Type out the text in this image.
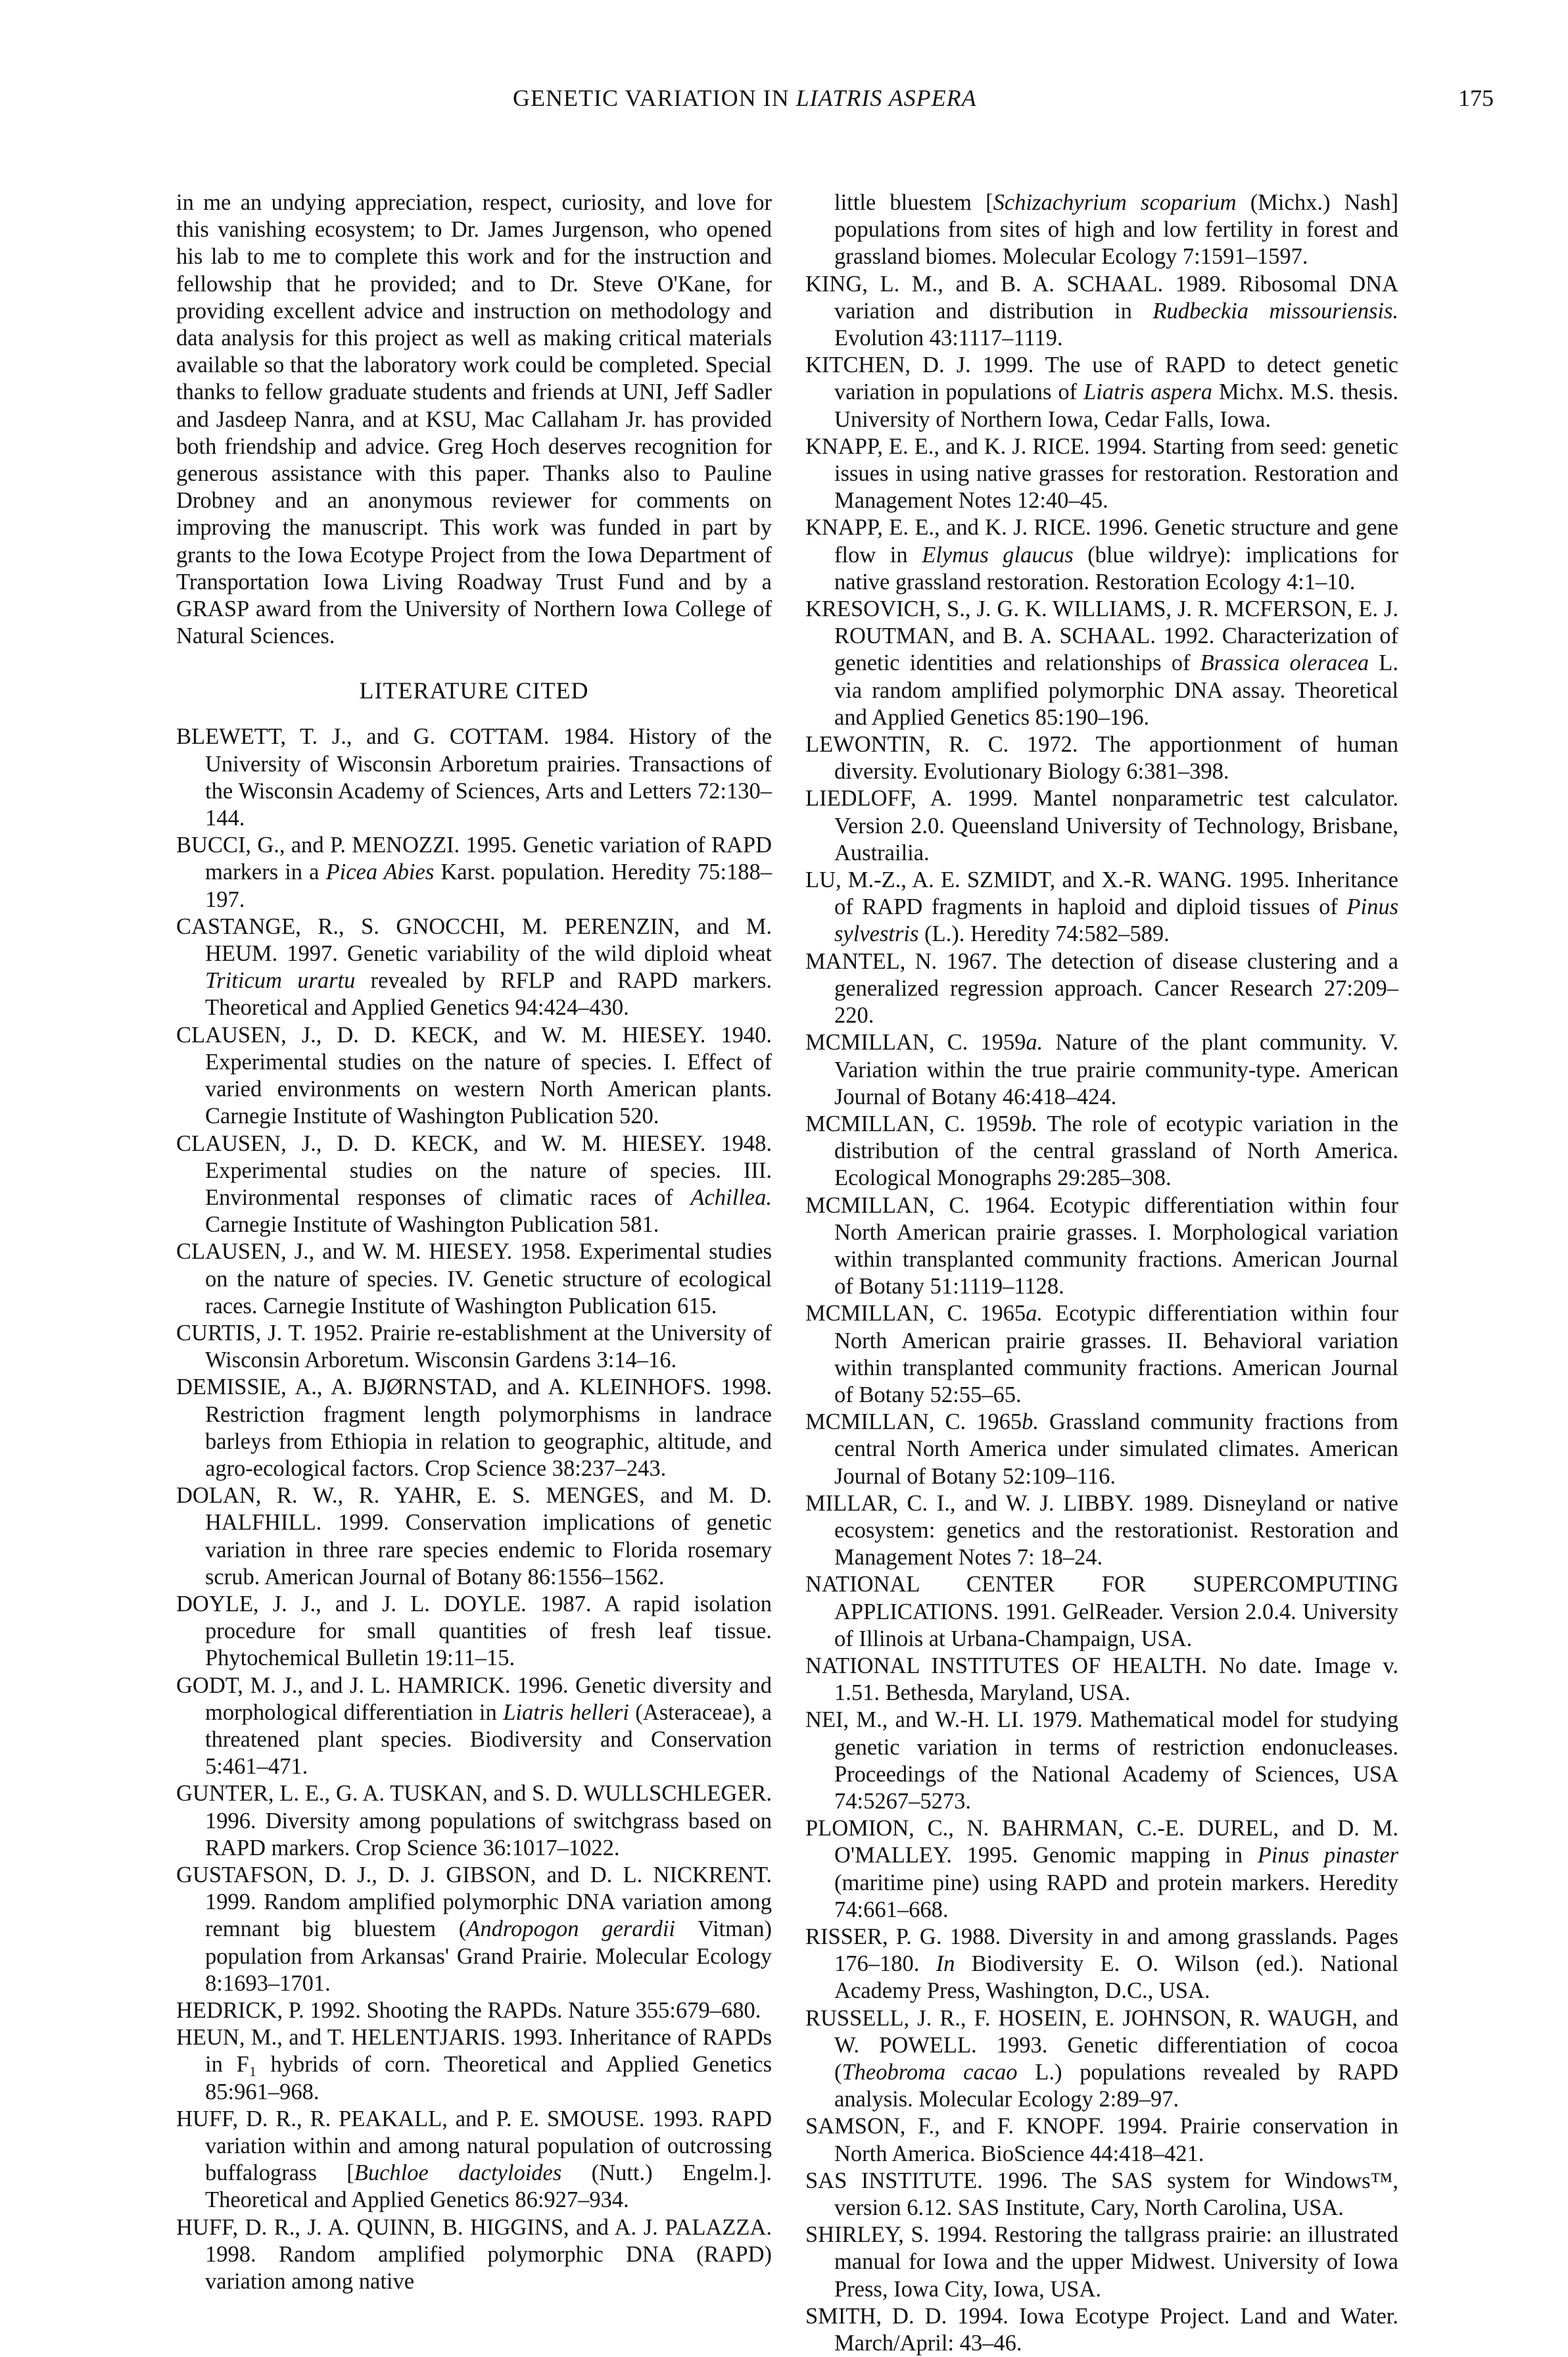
GENETIC VARIATION IN LIATRIS ASPERA	175

in me an undying appreciation, respect, curiosity, and love for this vanishing ecosystem; to Dr. James Jurgenson, who opened his lab to me to complete this work and for the instruction and fellowship that he provided; and to Dr. Steve O'Kane, for providing excellent advice and instruction on methodology and data analysis for this project as well as making critical materials available so that the laboratory work could be completed. Special thanks to fellow graduate students and friends at UNI, Jeff Sadler and Jasdeep Nanra, and at KSU, Mac Callaham Jr. has provided both friendship and advice. Greg Hoch deserves recognition for generous assistance with this paper. Thanks also to Pauline Drobney and an anonymous reviewer for comments on improving the manuscript. This work was funded in part by grants to the Iowa Ecotype Project from the Iowa Department of Transportation Iowa Living Roadway Trust Fund and by a GRASP award from the University of Northern Iowa College of Natural Sciences.

LITERATURE CITED

BLEWETT, T. J., and G. COTTAM. 1984. History of the University of Wisconsin Arboretum prairies. Transactions of the Wisconsin Academy of Sciences, Arts and Letters 72:130–144.

BUCCI, G., and P. MENOZZI. 1995. Genetic variation of RAPD markers in a Picea Abies Karst. population. Heredity 75:188–197.

CASTANGE, R., S. GNOCCHI, M. PERENZIN, and M. HEUM. 1997. Genetic variability of the wild diploid wheat Triticum urartu revealed by RFLP and RAPD markers. Theoretical and Applied Genetics 94:424–430.

CLAUSEN, J., D. D. KECK, and W. M. HIESEY. 1940. Experimental studies on the nature of species. I. Effect of varied environments on western North American plants. Carnegie Institute of Washington Publication 520.

CLAUSEN, J., D. D. KECK, and W. M. HIESEY. 1948. Experimental studies on the nature of species. III. Environmental responses of climatic races of Achillea. Carnegie Institute of Washington Publication 581.

CLAUSEN, J., and W. M. HIESEY. 1958. Experimental studies on the nature of species. IV. Genetic structure of ecological races. Carnegie Institute of Washington Publication 615.

CURTIS, J. T. 1952. Prairie re-establishment at the University of Wisconsin Arboretum. Wisconsin Gardens 3:14–16.

DEMISSIE, A., A. BJØRNSTAD, and A. KLEINHOFS. 1998. Restriction fragment length polymorphisms in landrace barleys from Ethiopia in relation to geographic, altitude, and agro-ecological factors. Crop Science 38:237–243.

DOLAN, R. W., R. YAHR, E. S. MENGES, and M. D. HALFHILL. 1999. Conservation implications of genetic variation in three rare species endemic to Florida rosemary scrub. American Journal of Botany 86:1556–1562.

DOYLE, J. J., and J. L. DOYLE. 1987. A rapid isolation procedure for small quantities of fresh leaf tissue. Phytochemical Bulletin 19:11–15.

GODT, M. J., and J. L. HAMRICK. 1996. Genetic diversity and morphological differentiation in Liatris helleri (Asteraceae), a threatened plant species. Biodiversity and Conservation 5:461–471.

GUNTER, L. E., G. A. TUSKAN, and S. D. WULLSCHLEGER. 1996. Diversity among populations of switchgrass based on RAPD markers. Crop Science 36:1017–1022.

GUSTAFSON, D. J., D. J. GIBSON, and D. L. NICKRENT. 1999. Random amplified polymorphic DNA variation among remnant big bluestem (Andropogon gerardii Vitman) population from Arkansas' Grand Prairie. Molecular Ecology 8:1693–1701.

HEDRICK, P. 1992. Shooting the RAPDs. Nature 355:679–680.

HEUN, M., and T. HELENTJARIS. 1993. Inheritance of RAPDs in F₁ hybrids of corn. Theoretical and Applied Genetics 85:961–968.

HUFF, D. R., R. PEAKALL, and P. E. SMOUSE. 1993. RAPD variation within and among natural population of outcrossing buffalograss [Buchloe dactyloides (Nutt.) Engelm.]. Theoretical and Applied Genetics 86:927–934.

HUFF, D. R., J. A. QUINN, B. HIGGINS, and A. J. PALAZZA. 1998. Random amplified polymorphic DNA (RAPD) variation among native

little bluestem [Schizachyrium scoparium (Michx.) Nash] populations from sites of high and low fertility in forest and grassland biomes. Molecular Ecology 7:1591–1597.

KING, L. M., and B. A. SCHAAL. 1989. Ribosomal DNA variation and distribution in Rudbeckia missouriensis. Evolution 43:1117–1119.

KITCHEN, D. J. 1999. The use of RAPD to detect genetic variation in populations of Liatris aspera Michx. M.S. thesis. University of Northern Iowa, Cedar Falls, Iowa.

KNAPP, E. E., and K. J. RICE. 1994. Starting from seed: genetic issues in using native grasses for restoration. Restoration and Management Notes 12:40–45.

KNAPP, E. E., and K. J. RICE. 1996. Genetic structure and gene flow in Elymus glaucus (blue wildrye): implications for native grassland restoration. Restoration Ecology 4:1–10.

KRESOVICH, S., J. G. K. WILLIAMS, J. R. MCFERSON, E. J. ROUTMAN, and B. A. SCHAAL. 1992. Characterization of genetic identities and relationships of Brassica oleracea L. via random amplified polymorphic DNA assay. Theoretical and Applied Genetics 85:190–196.

LEWONTIN, R. C. 1972. The apportionment of human diversity. Evolutionary Biology 6:381–398.

LIEDLOFF, A. 1999. Mantel nonparametric test calculator. Version 2.0. Queensland University of Technology, Brisbane, Austrailia.

LU, M.-Z., A. E. SZMIDT, and X.-R. WANG. 1995. Inheritance of RAPD fragments in haploid and diploid tissues of Pinus sylvestris (L.). Heredity 74:582–589.

MANTEL, N. 1967. The detection of disease clustering and a generalized regression approach. Cancer Research 27:209–220.

MCMILLAN, C. 1959a. Nature of the plant community. V. Variation within the true prairie community-type. American Journal of Botany 46:418–424.

MCMILLAN, C. 1959b. The role of ecotypic variation in the distribution of the central grassland of North America. Ecological Monographs 29:285–308.

MCMILLAN, C. 1964. Ecotypic differentiation within four North American prairie grasses. I. Morphological variation within transplanted community fractions. American Journal of Botany 51:1119–1128.

MCMILLAN, C. 1965a. Ecotypic differentiation within four North American prairie grasses. II. Behavioral variation within transplanted community fractions. American Journal of Botany 52:55–65.

MCMILLAN, C. 1965b. Grassland community fractions from central North America under simulated climates. American Journal of Botany 52:109–116.

MILLAR, C. I., and W. J. LIBBY. 1989. Disneyland or native ecosystem: genetics and the restorationist. Restoration and Management Notes 7: 18–24.

NATIONAL CENTER FOR SUPERCOMPUTING APPLICATIONS. 1991. GelReader. Version 2.0.4. University of Illinois at Urbana-Champaign, USA.

NATIONAL INSTITUTES OF HEALTH. No date. Image v. 1.51. Bethesda, Maryland, USA.

NEI, M., and W.-H. LI. 1979. Mathematical model for studying genetic variation in terms of restriction endonucleases. Proceedings of the National Academy of Sciences, USA 74:5267–5273.

PLOMION, C., N. BAHRMAN, C.-E. DUREL, and D. M. O'MALLEY. 1995. Genomic mapping in Pinus pinaster (maritime pine) using RAPD and protein markers. Heredity 74:661–668.

RISSER, P. G. 1988. Diversity in and among grasslands. Pages 176–180. In Biodiversity E. O. Wilson (ed.). National Academy Press, Washington, D.C., USA.

RUSSELL, J. R., F. HOSEIN, E. JOHNSON, R. WAUGH, and W. POWELL. 1993. Genetic differentiation of cocoa (Theobroma cacao L.) populations revealed by RAPD analysis. Molecular Ecology 2:89–97.

SAMSON, F., and F. KNOPF. 1994. Prairie conservation in North America. BioScience 44:418–421.

SAS INSTITUTE. 1996. The SAS system for Windows™, version 6.12. SAS Institute, Cary, North Carolina, USA.

SHIRLEY, S. 1994. Restoring the tallgrass prairie: an illustrated manual for Iowa and the upper Midwest. University of Iowa Press, Iowa City, Iowa, USA.

SMITH, D. D. 1994. Iowa Ecotype Project. Land and Water. March/April: 43–46.
